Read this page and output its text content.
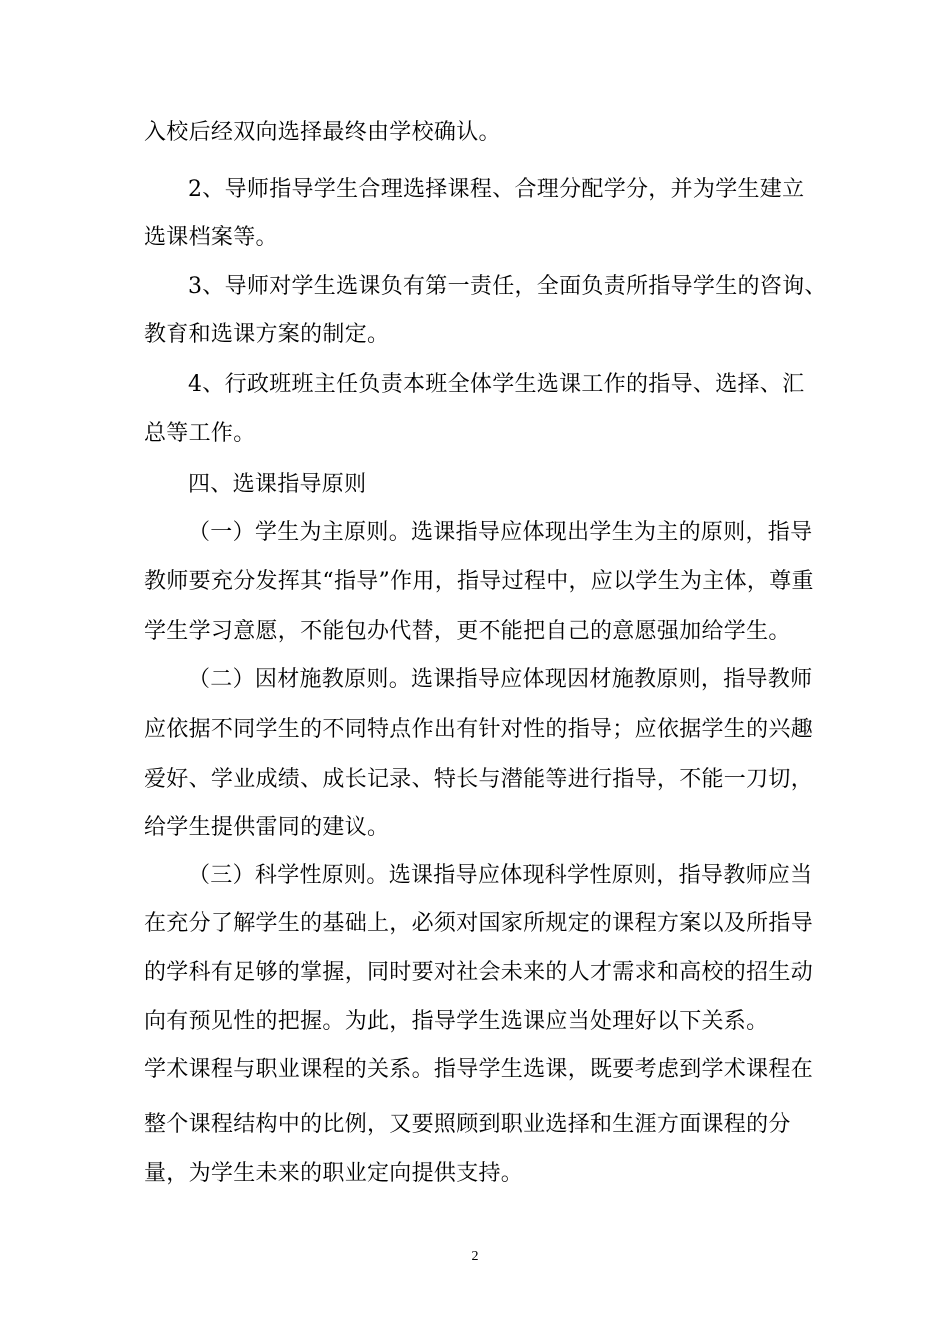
入校后经双向选择最终由学校确认。
2、导师指导学生合理选择课程、合理分配学分，并为学生建立
选课档案等。
3、导师对学生选课负有第一责任，全面负责所指导学生的咨询、
教育和选课方案的制定。
4、行政班班主任负责本班全体学生选课工作的指导、选择、汇
总等工作。
四、选课指导原则
（一）学生为主原则。选课指导应体现出学生为主的原则，指导
教师要充分发挥其“指导”作用，指导过程中，应以学生为主体，尊重
学生学习意愿，不能包办代替，更不能把自己的意愿强加给学生。
（二）因材施教原则。选课指导应体现因材施教原则，指导教师
应依据不同学生的不同特点作出有针对性的指导；应依据学生的兴趣
爱好、学业成绩、成长记录、特长与潜能等进行指导，不能一刀切，
给学生提供雷同的建议。
（三）科学性原则。选课指导应体现科学性原则，指导教师应当
在充分了解学生的基础上，必须对国家所规定的课程方案以及所指导
的学科有足够的掌握，同时要对社会未来的人才需求和高校的招生动
向有预见性的把握。为此，指导学生选课应当处理好以下关系。
学术课程与职业课程的关系。指导学生选课，既要考虑到学术课程在
整个课程结构中的比例，又要照顾到职业选择和生涯方面课程的分
量，为学生未来的职业定向提供支持。
2
